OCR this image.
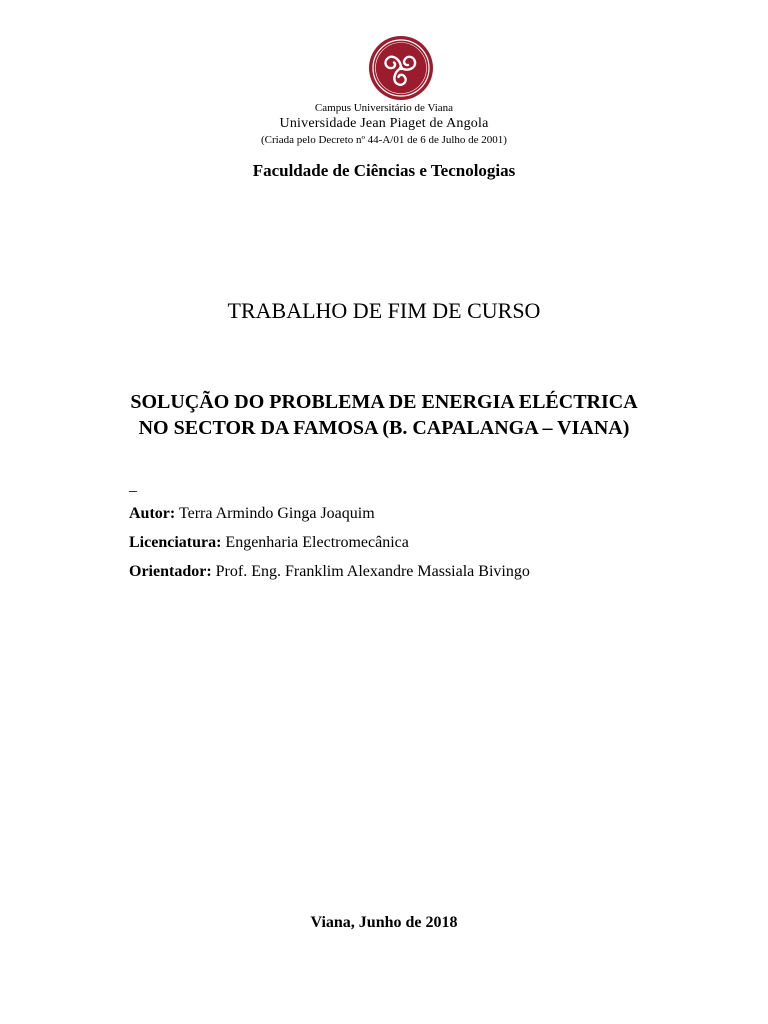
Campus Universitário de Viana
Universidade Jean Piaget de Angola
(Criada pelo Decreto nº 44-A/01 de 6 de Julho de 2001)
Faculdade de Ciências e Tecnologias
TRABALHO DE FIM DE CURSO
SOLUÇÃO DO PROBLEMA DE ENERGIA ELÉCTRICA
NO SECTOR DA FAMOSA (B. CAPALANGA – VIANA)
_
Autor: Terra Armindo Ginga Joaquim
Licenciatura: Engenharia Electromecânica
Orientador: Prof. Eng. Franklim Alexandre Massiala Bivingo
Viana, Junho de 2018
